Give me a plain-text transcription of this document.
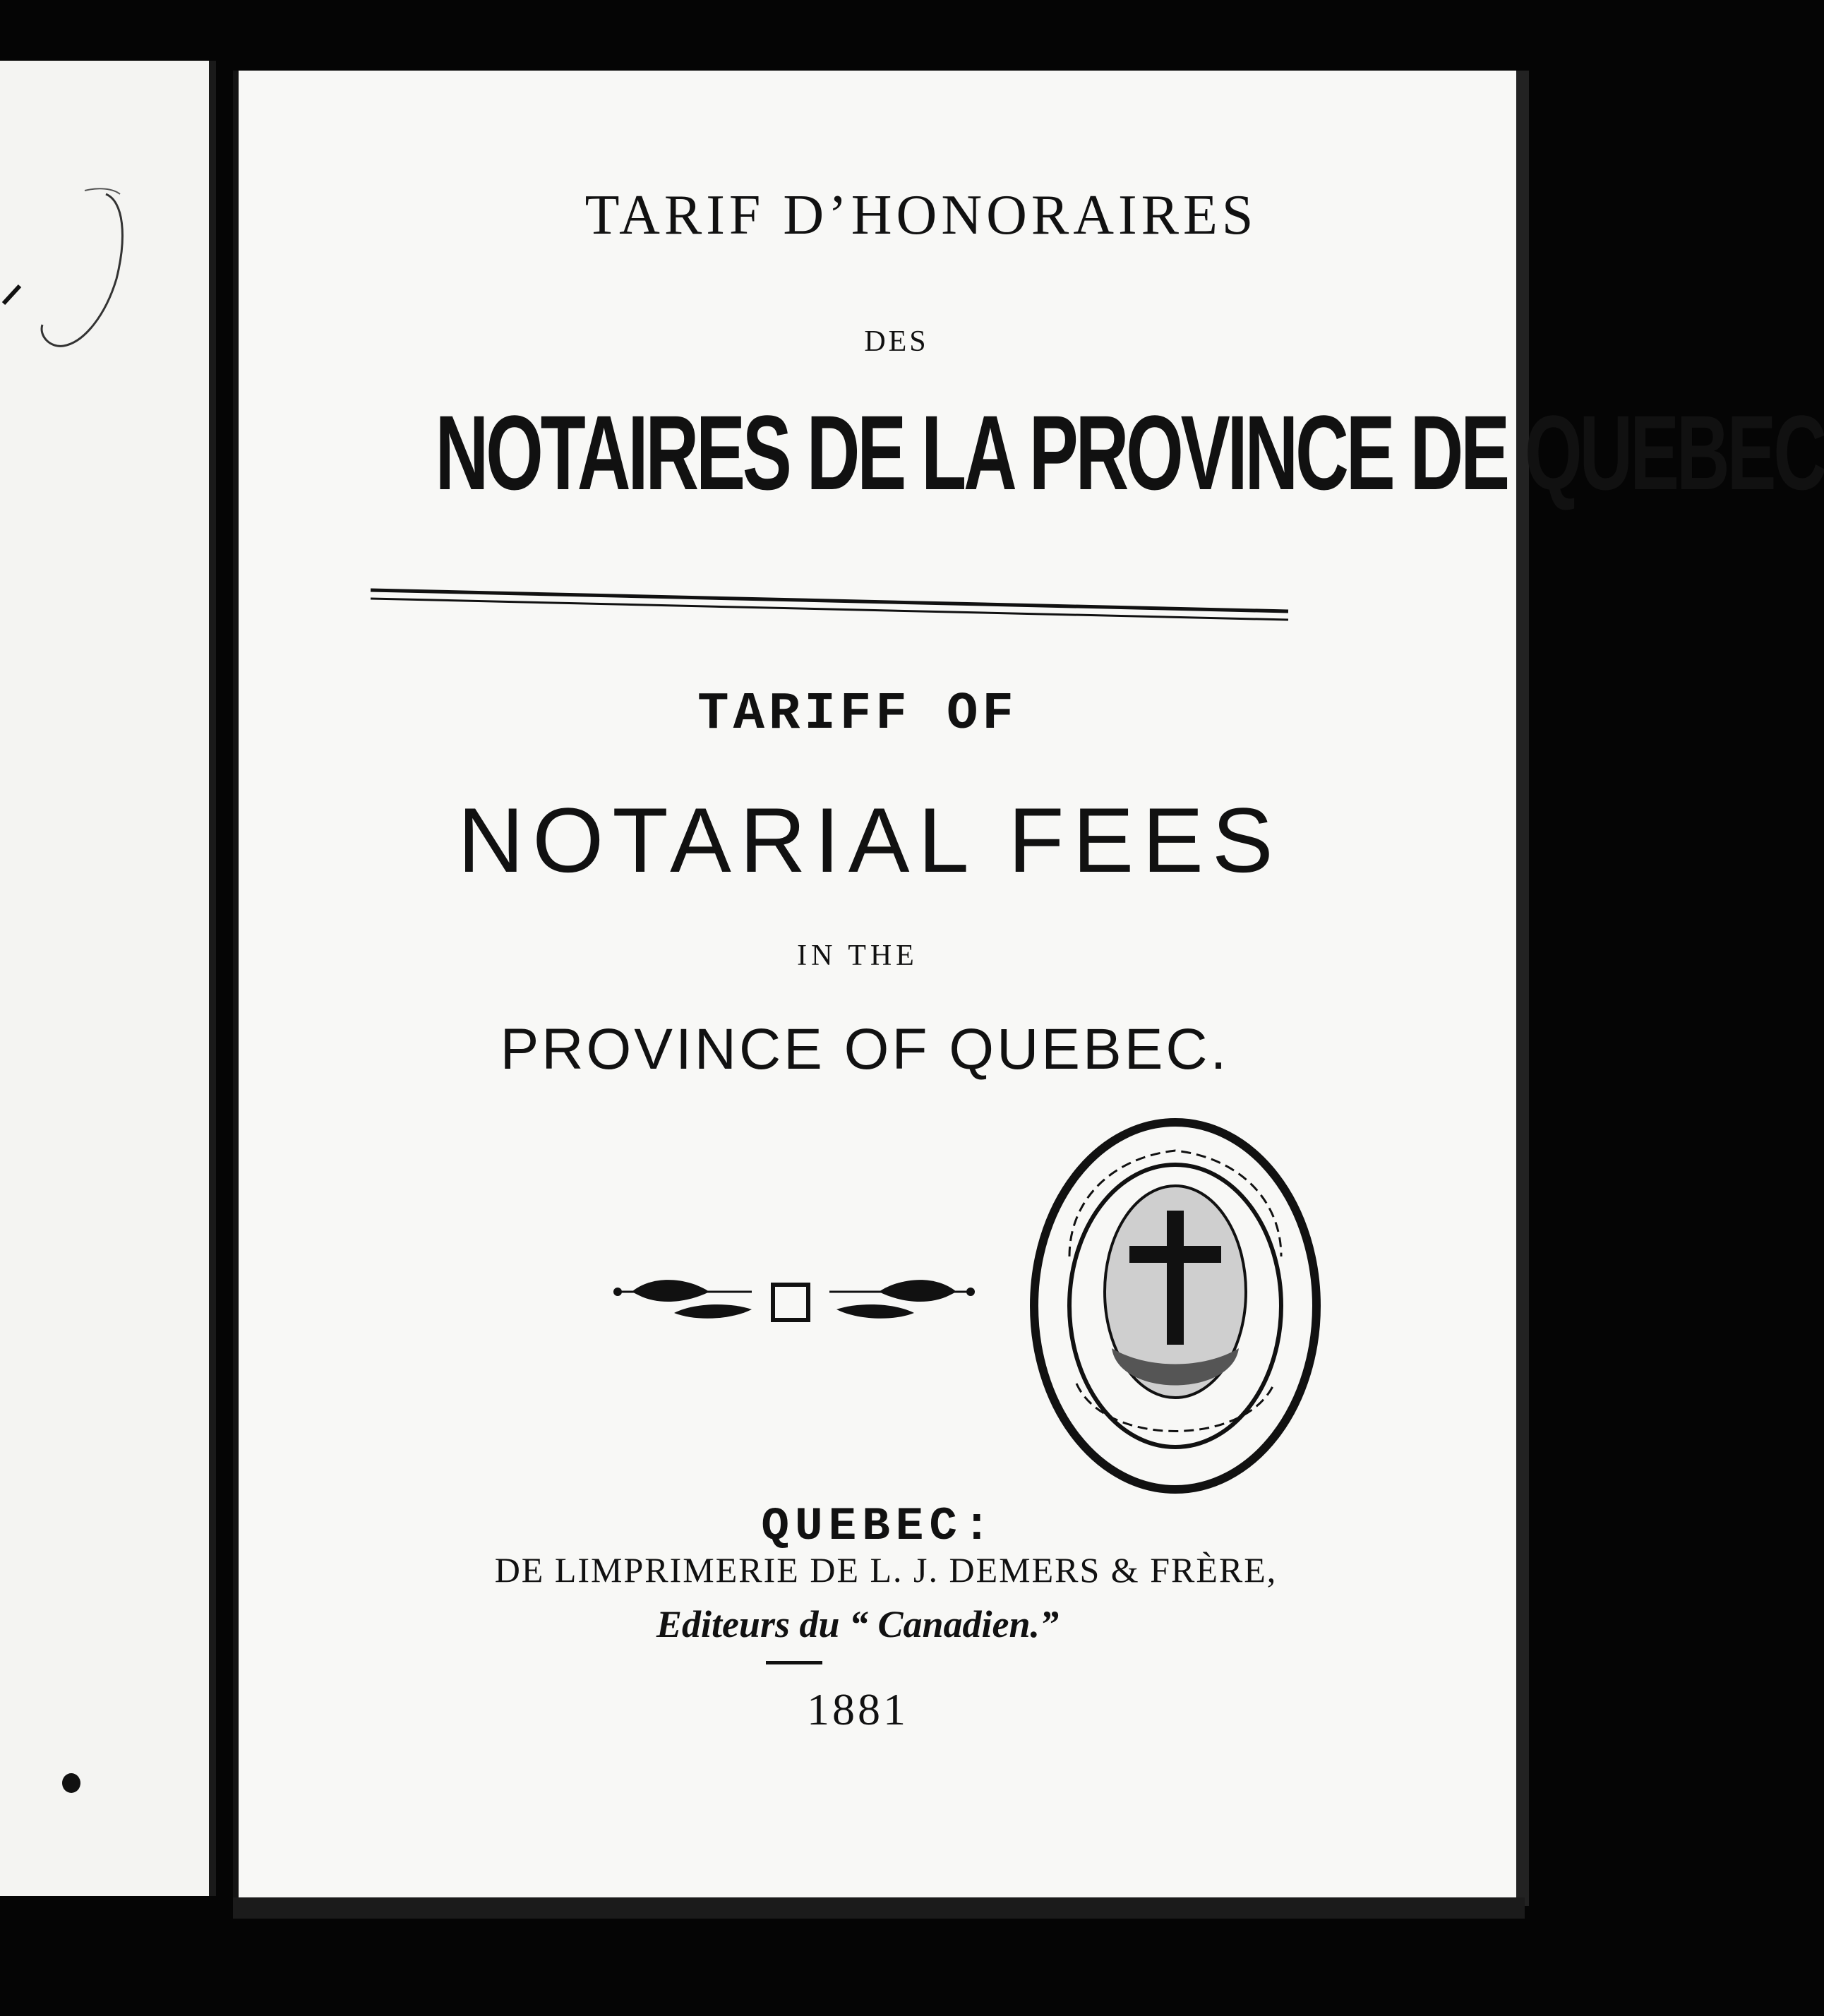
TARIF D’HONORAIRES
DES
NOTAIRES DE LA PROVINCE DE QUEBEC
TARIFF OF
NOTARIAL FEES
IN THE
PROVINCE OF QUEBEC.
QUEBEC:
DE LIMPRIMERIE DE L. J. DEMERS & FRÈRE,
Editeurs du “ Canadien.”
1881
